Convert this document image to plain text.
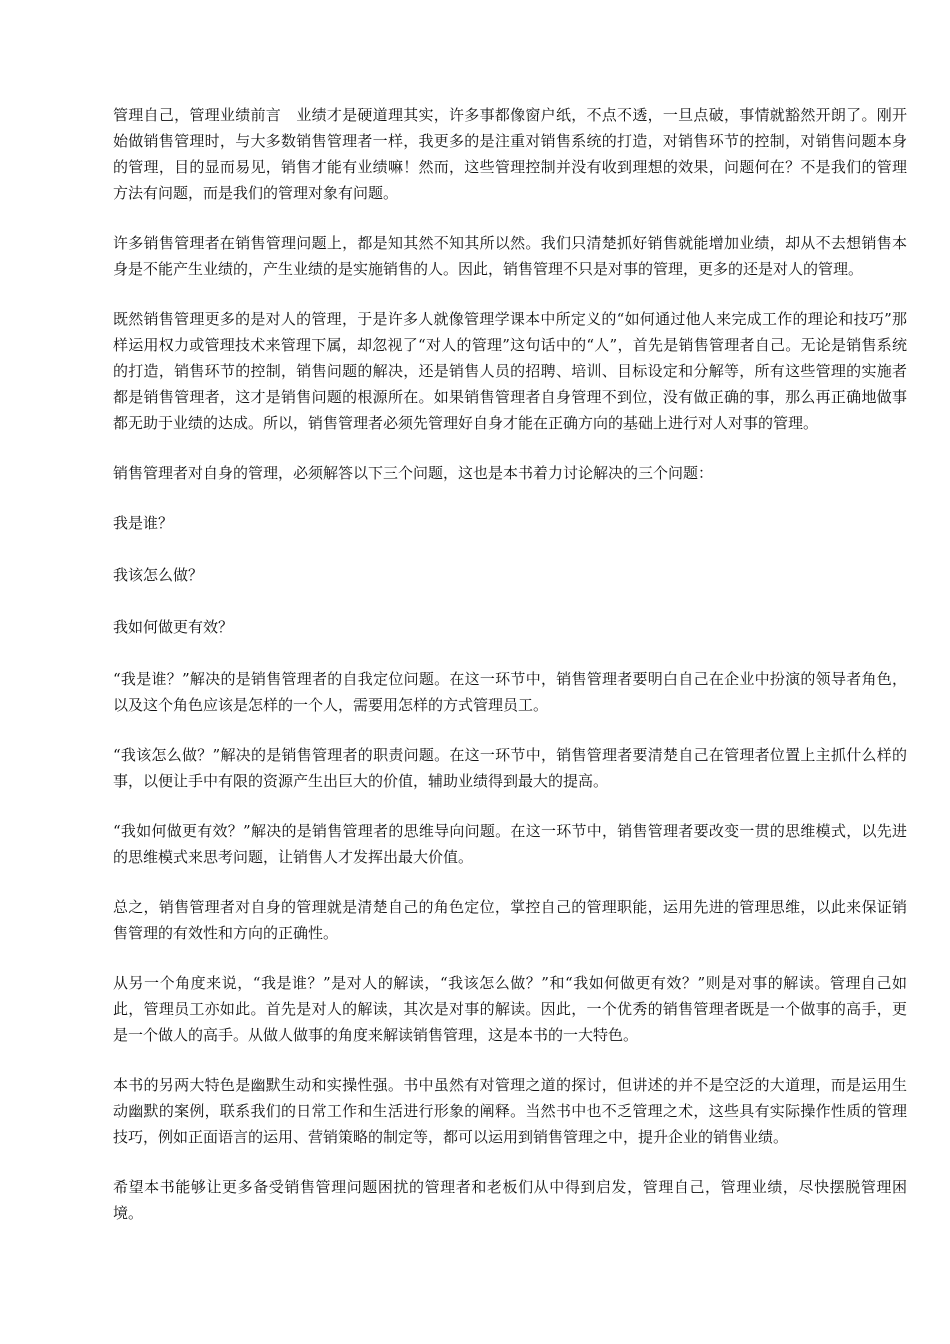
管理自己，管理业绩前言　业绩才是硬道理其实，许多事都像窗户纸，不点不透，一旦点破，事情就豁然开朗了。刚开始做销售管理时，与大多数销售管理者一样，我更多的是注重对销售系统的打造，对销售环节的控制，对销售问题本身的管理，目的显而易见，销售才能有业绩嘛！然而，这些管理控制并没有收到理想的效果，问题何在？不是我们的管理方法有问题，而是我们的管理对象有问题。

许多销售管理者在销售管理问题上，都是知其然不知其所以然。我们只清楚抓好销售就能增加业绩，却从不去想销售本身是不能产生业绩的，产生业绩的是实施销售的人。因此，销售管理不只是对事的管理，更多的还是对人的管理。

既然销售管理更多的是对人的管理，于是许多人就像管理学课本中所定义的“如何通过他人来完成工作的理论和技巧”那样运用权力或管理技术来管理下属，却忽视了“对人的管理”这句话中的“人”，首先是销售管理者自己。无论是销售系统的打造，销售环节的控制，销售问题的解决，还是销售人员的招聘、培训、目标设定和分解等，所有这些管理的实施者都是销售管理者，这才是销售问题的根源所在。如果销售管理者自身管理不到位，没有做正确的事，那么再正确地做事都无助于业绩的达成。所以，销售管理者必须先管理好自身才能在正确方向的基础上进行对人对事的管理。

销售管理者对自身的管理，必须解答以下三个问题，这也是本书着力讨论解决的三个问题：

我是谁？

我该怎么做？

我如何做更有效？

“我是谁？”解决的是销售管理者的自我定位问题。在这一环节中，销售管理者要明白自己在企业中扮演的领导者角色，以及这个角色应该是怎样的一个人，需要用怎样的方式管理员工。

“我该怎么做？”解决的是销售管理者的职责问题。在这一环节中，销售管理者要清楚自己在管理者位置上主抓什么样的事，以便让手中有限的资源产生出巨大的价值，辅助业绩得到最大的提高。

“我如何做更有效？”解决的是销售管理者的思维导向问题。在这一环节中，销售管理者要改变一贯的思维模式，以先进的思维模式来思考问题，让销售人才发挥出最大价值。

总之，销售管理者对自身的管理就是清楚自己的角色定位，掌控自己的管理职能，运用先进的管理思维，以此来保证销售管理的有效性和方向的正确性。

从另一个角度来说，“我是谁？”是对人的解读，“我该怎么做？”和“我如何做更有效？”则是对事的解读。管理自己如此，管理员工亦如此。首先是对人的解读，其次是对事的解读。因此，一个优秀的销售管理者既是一个做事的高手，更是一个做人的高手。从做人做事的角度来解读销售管理，这是本书的一大特色。

本书的另两大特色是幽默生动和实操性强。书中虽然有对管理之道的探讨，但讲述的并不是空泛的大道理，而是运用生动幽默的案例，联系我们的日常工作和生活进行形象的阐释。当然书中也不乏管理之术，这些具有实际操作性质的管理技巧，例如正面语言的运用、营销策略的制定等，都可以运用到销售管理之中，提升企业的销售业绩。

希望本书能够让更多备受销售管理问题困扰的管理者和老板们从中得到启发，管理自己，管理业绩，尽快摆脱管理困境。
